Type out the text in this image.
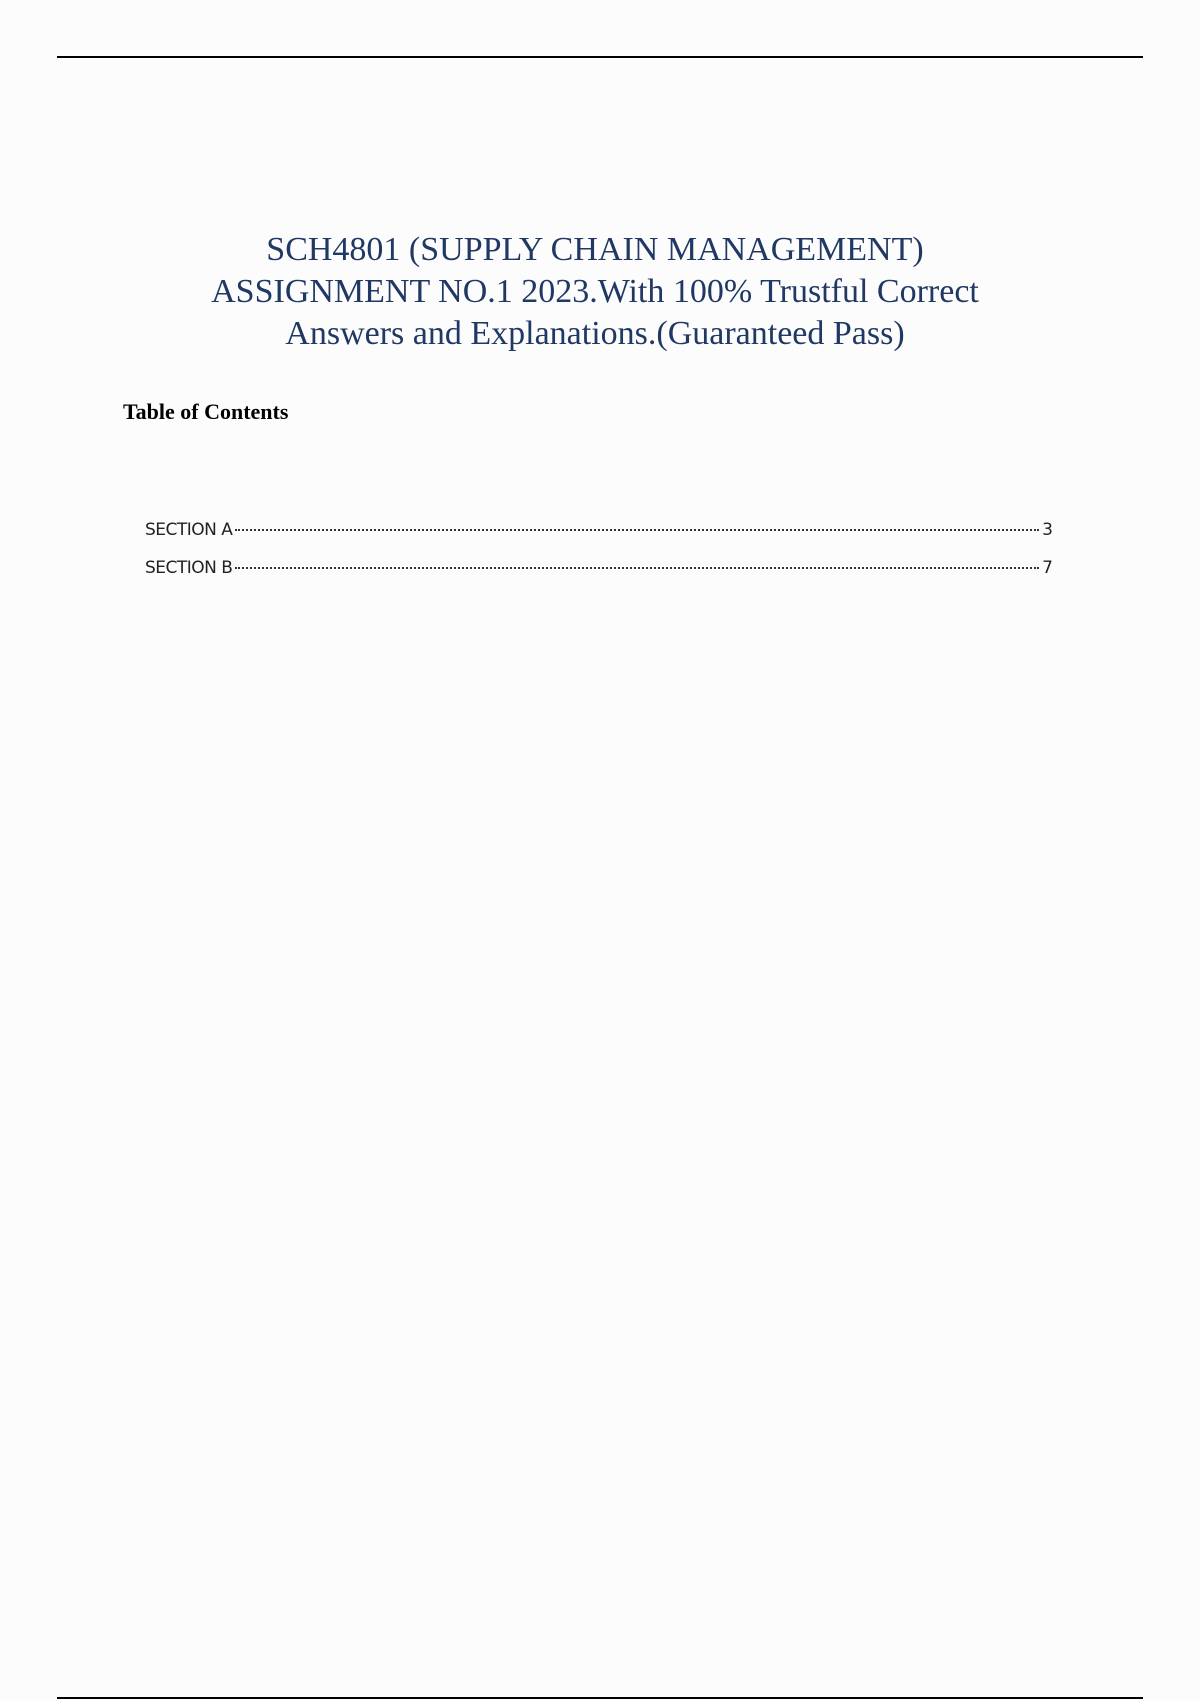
SCH4801 (SUPPLY CHAIN MANAGEMENT)
ASSIGNMENT NO.1 2023.With 100% Trustful Correct
Answers and Explanations.(Guaranteed Pass)
Table of Contents
SECTION A	3
SECTION B	7
